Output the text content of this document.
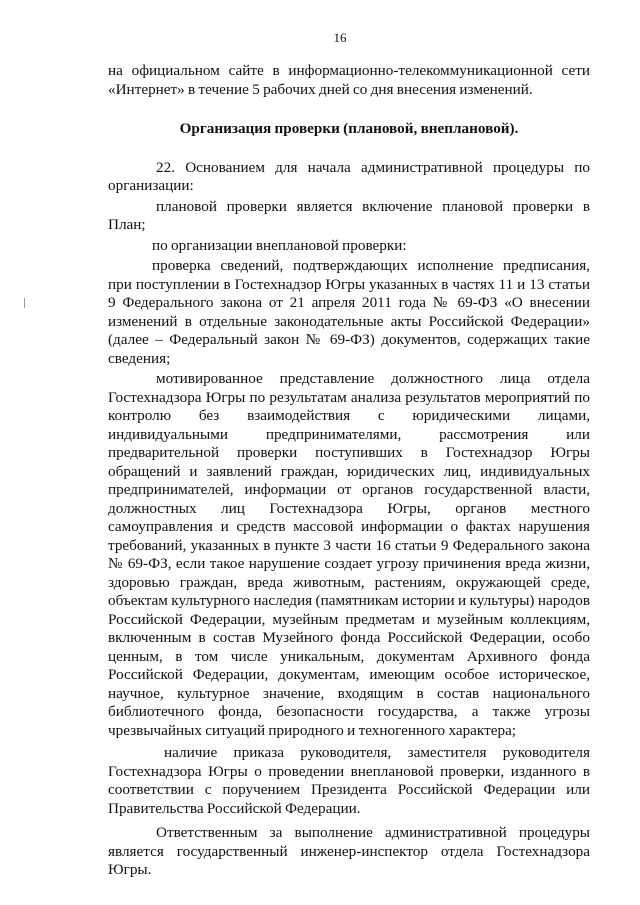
16

на официальном сайте в информационно-телекоммуникационной сети «Интернет» в течение 5 рабочих дней со дня внесения изменений.

Организация проверки (плановой, внеплановой).

22. Основанием для начала административной процедуры по организации:

плановой проверки является включение плановой проверки в План;

по организации внеплановой проверки:

проверка сведений, подтверждающих исполнение предписания, при поступлении в Гостехнадзор Югры указанных в частях 11 и 13 статьи 9 Федерального закона от 21 апреля 2011 года № 69-ФЗ «О внесении изменений в отдельные законодательные акты Российской Федерации» (далее – Федеральный закон № 69-ФЗ) документов, содержащих такие сведения;

мотивированное представление должностного лица отдела Гостехнадзора Югры по результатам анализа результатов мероприятий по контролю без взаимодействия с юридическими лицами, индивидуальными предпринимателями, рассмотрения или предварительной проверки поступивших в Гостехнадзор Югры обращений и заявлений граждан, юридических лиц, индивидуальных предпринимателей, информации от органов государственной власти, должностных лиц Гостехнадзора Югры, органов местного самоуправления и средств массовой информации о фактах нарушения требований, указанных в пункте 3 части 16 статьи 9 Федерального закона № 69-ФЗ, если такое нарушение создает угрозу причинения вреда жизни, здоровью граждан, вреда животным, растениям, окружающей среде, объектам культурного наследия (памятникам истории и культуры) народов Российской Федерации, музейным предметам и музейным коллекциям, включенным в состав Музейного фонда Российской Федерации, особо ценным, в том числе уникальным, документам Архивного фонда Российской Федерации, документам, имеющим особое историческое, научное, культурное значение, входящим в состав национального библиотечного фонда, безопасности государства, а также угрозы чрезвычайных ситуаций природного и техногенного характера;

наличие приказа руководителя, заместителя руководителя Гостехнадзора Югры о проведении внеплановой проверки, изданного в соответствии с поручением Президента Российской Федерации или Правительства Российской Федерации.

Ответственным за выполнение административной процедуры является государственный инженер-инспектор отдела Гостехнадзора Югры.
